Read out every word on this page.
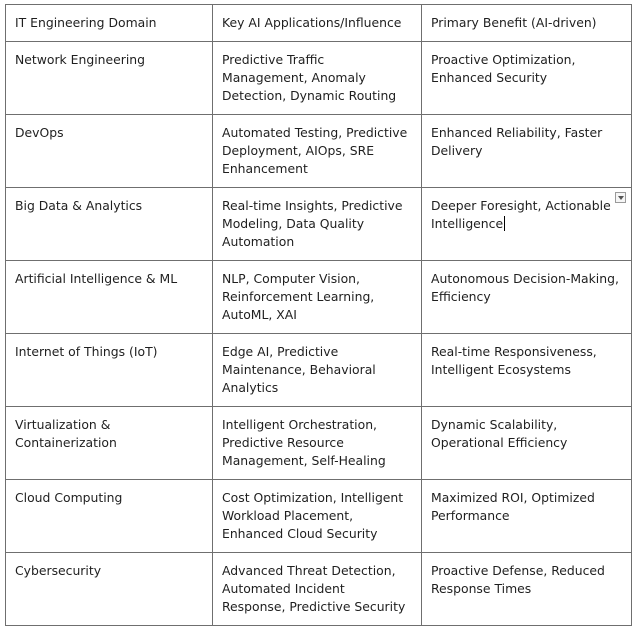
IT Engineering Domain	Key AI Applications/Influence	Primary Benefit (AI-driven)
Network Engineering	Predictive Traffic Management, Anomaly Detection, Dynamic Routing	Proactive Optimization, Enhanced Security
DevOps	Automated Testing, Predictive Deployment, AIOps, SRE Enhancement	Enhanced Reliability, Faster Delivery
Big Data & Analytics	Real-time Insights, Predictive Modeling, Data Quality Automation	Deeper Foresight, Actionable Intelligence

Artificial Intelligence & ML	NLP, Computer Vision, Reinforcement Learning, AutoML, XAI	Autonomous Decision-Making, Efficiency
Internet of Things (IoT)	Edge AI, Predictive Maintenance, Behavioral Analytics	Real-time Responsiveness, Intelligent Ecosystems
Virtualization & Containerization	Intelligent Orchestration, Predictive Resource Management, Self-Healing	Dynamic Scalability, Operational Efficiency
Cloud Computing	Cost Optimization, Intelligent Workload Placement, Enhanced Cloud Security	Maximized ROI, Optimized Performance
Cybersecurity	Advanced Threat Detection, Automated Incident Response, Predictive Security	Proactive Defense, Reduced Response Times
